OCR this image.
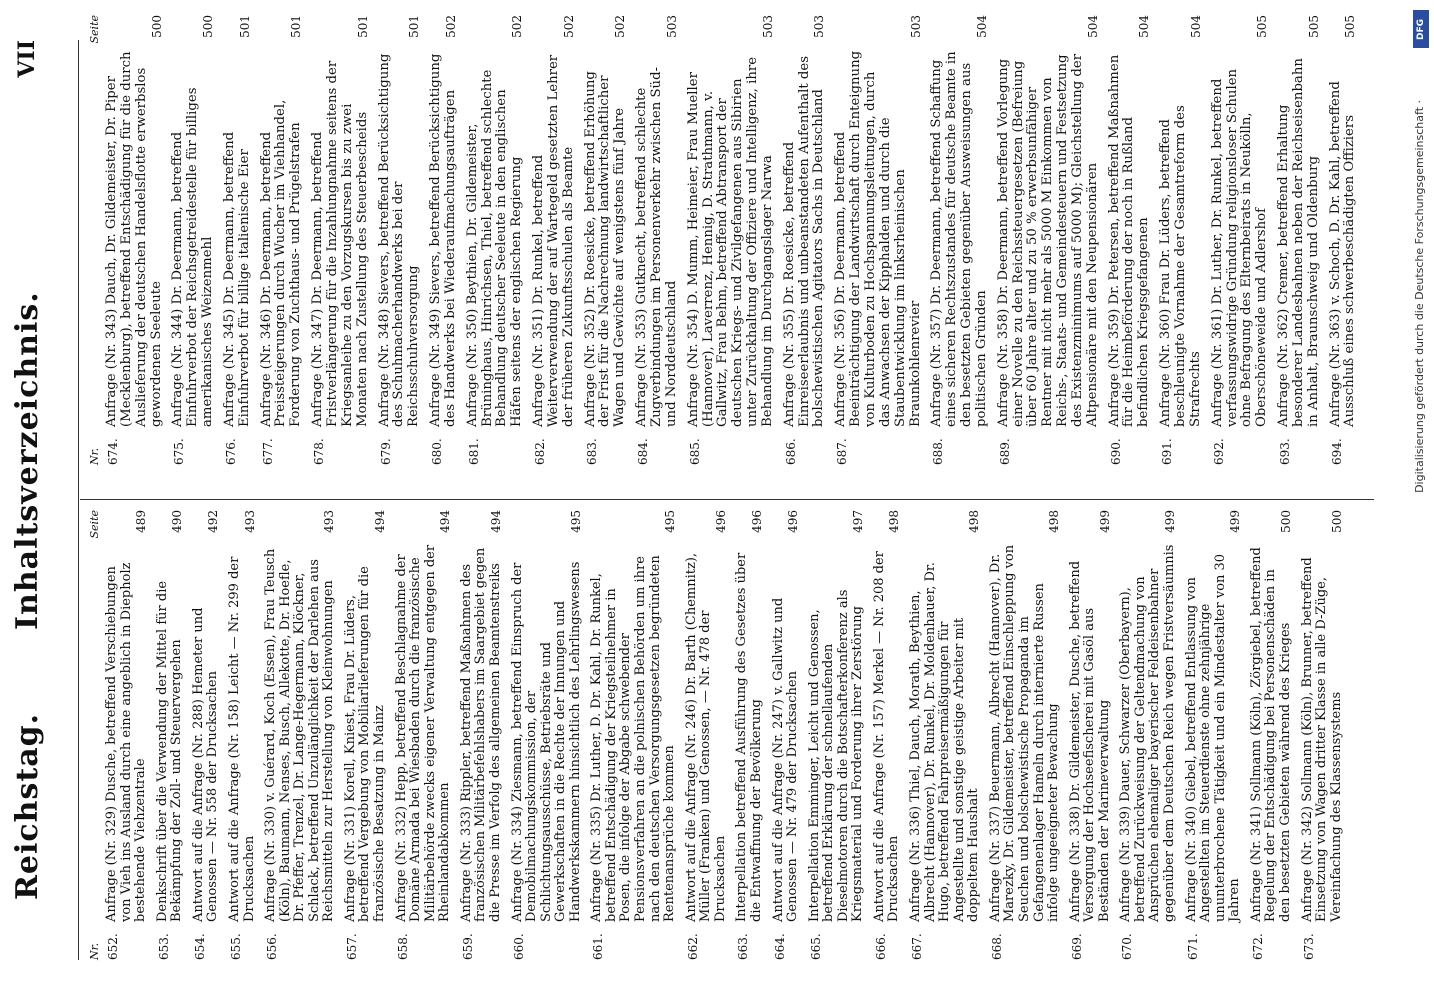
Reichstag.
Inhaltsverzeichnis.
VII
Nr.
Seite
652.
Anfrage (Nr. 329) Dusche, betreffend Verschiebungen von Vieh ins Ausland durch eine angeblich in Diepholz bestehende Viehzentrale
489
653.
Denkschrift über die Verwendung der Mittel für die Bekämpfung der Zoll- und Steuervergehen
490
654.
Antwort auf die Anfrage (Nr. 288) Hemeter und Genossen — Nr. 558 der Drucksachen
492
655.
Antwort auf die Anfrage (Nr. 158) Leicht — Nr. 299 der Drucksachen
493
656.
Anfrage (Nr. 330) v. Guérard, Koch (Essen), Frau Teusch (Köln), Baumann, Nenses, Busch, Allekotte, Dr. Hoefle, Dr. Pfeffer, Trenzel, Dr. Lange-Hegermann, Klöckner, Schlack, betreffend Unzulänglichkeit der Darlehen aus Reichsmitteln zur Herstellung von Kleinwohnungen
493
657.
Anfrage (Nr. 331) Korell, Kniest, Frau Dr. Lüders, betreffend Vergebung von Mobiliarlieferungen für die französische Besatzung in Mainz
494
658.
Anfrage (Nr. 332) Hepp, betreffend Beschlagnahme der Domäne Armada bei Wiesbaden durch die französische Militärbehörde zwecks eigener Verwaltung entgegen der Rheinlandabkommen
494
659.
Anfrage (Nr. 333) Rippler, betreffend Maßnahmen des französischen Militärbefehlshabers im Saargebiet gegen die Presse im Verfolg des allgemeinen Beamtenstreiks
494
660.
Anfrage (Nr. 334) Ziesmann, betreffend Einspruch der Demobilmachungskommission, der Schlichtungsausschüsse, Betriebsräte und Gewerkschaften in die Rechte der Innungen und Handwerkskammern hinsichtlich des Lehrlingswesens
495
661.
Anfrage (Nr. 335) Dr. Luther, D. Dr. Kahl, Dr. Runkel, betreffend Entschädigung der Kriegsteilnehmer in Posen, die infolge der Abgabe schwebender Pensionsverfahren an die polnischen Behörden um ihre nach den deutschen Versorgungsgesetzen begründeten Rentenansprüche kommen
495
662.
Antwort auf die Anfrage (Nr. 246) Dr. Barth (Chemnitz), Müller (Franken) und Genossen, — Nr. 478 der Drucksachen
496
663.
Interpellation betreffend Ausführung des Gesetzes über die Entwaffnung der Bevölkerung
496
664.
Antwort auf die Anfrage (Nr. 247) v. Gallwitz und Genossen — Nr. 479 der Drucksachen
496
665.
Interpellation Emminger, Leicht und Genossen, betreffend Erklärung der schnellaufenden Dieselmotoren durch die Botschafterkonferenz als Kriegsmaterial und Forderung ihrer Zerstörung
497
666.
Antwort auf die Anfrage (Nr. 157) Merkel — Nr. 208 der Drucksachen
498
667.
Anfrage (Nr. 336) Thiel, Dauch, Morath, Beythien, Albrecht (Hannover), Dr. Runkel, Dr. Moldenhauer, Dr. Hugo, betreffend Fahrpreisermäßigungen für Angestellte und sonstige geistige Arbeiter mit doppeltem Haushalt
498
668.
Anfrage (Nr. 337) Beuermann, Albrecht (Hannover), Dr. Marezky, Dr. Gildemeister, betreffend Einschleppung von Seuchen und bolschewistische Propaganda im Gefangenenlager Hameln durch internierte Russen infolge ungeeigneter Bewachung
498
669.
Anfrage (Nr. 338) Dr. Gildemeister, Dusche, betreffend Versorgung der Hochseefischerei mit Gasöl aus Beständen der Marineverwaltung
499
670.
Anfrage (Nr. 339) Dauer, Schwarzer (Oberbayern), betreffend Zurückweisung der Geltendmachung von Ansprüchen ehemaliger bayerischer Feldeisenbahner gegenüber dem Deutschen Reich wegen Fristversäumnis
499
671.
Anfrage (Nr. 340) Giebel, betreffend Entlassung von Angestellten im Steuerdienste ohne zehnjährige ununterbrochene Tätigkeit und ein Mindestalter von 30 Jahren
499
672.
Anfrage (Nr. 341) Sollmann (Köln), Zörgiebel, betreffend Regelung der Entschädigung bei Personenschäden in den besetzten Gebieten während des Krieges
500
673.
Anfrage (Nr. 342) Sollmann (Köln), Brunner, betreffend Einsetzung von Wagen dritter Klasse in alle D-Züge, Vereinfachung des Klassensystems
500
Nr.
Seite
674.
Anfrage (Nr. 343) Dauch, Dr. Gildemeister, Dr. Piper (Mecklenburg), betreffend Entschädigung für die durch Auslieferung der deutschen Handelsflotte erwerbslos gewordenen Seeleute
500
675.
Anfrage (Nr. 344) Dr. Deermann, betreffend Einfuhrverbot der Reichsgetreidestelle für billiges amerikanisches Weizenmehl
500
676.
Anfrage (Nr. 345) Dr. Deermann, betreffend Einfuhrverbot für billige italienische Eier
501
677.
Anfrage (Nr. 346) Dr. Deermann, betreffend Preissteigerungen durch Wucher im Viehhandel, Forderung von Zuchthaus- und Prügelstrafen
501
678.
Anfrage (Nr. 347) Dr. Deermann, betreffend Fristverlängerung für die Inzahlungnahme seitens der Kriegsanleihe zu den Vorzugskursen bis zu zwei Monaten nach Zustellung des Steuerbescheids
501
679.
Anfrage (Nr. 348) Sievers, betreffend Berücksichtigung des Schuhmacherhandwerks bei der Reichsschuhversorgung
501
680.
Anfrage (Nr. 349) Sievers, betreffend Berücksichtigung des Handwerks bei Wiederaufmachungsaufträgen
502
681.
Anfrage (Nr. 350) Beythien, Dr. Gildemeister, Brüninghaus, Hinrichsen, Thiel, betreffend schlechte Behandlung deutscher Seeleute in den englischen Häfen seitens der englischen Regierung
502
682.
Anfrage (Nr. 351) Dr. Runkel, betreffend Weiterverwendung der auf Wartegeld gesetzten Lehrer der früheren Zukunftsschulen als Beamte
502
683.
Anfrage (Nr. 352) Dr. Roesicke, betreffend Erhöhung der Frist für die Nachrechnung landwirtschaftlicher Wagen und Gewichte auf wenigstens fünf Jahre
502
684.
Anfrage (Nr. 353) Gutknecht, betreffend schlechte Zugverbindungen im Personenverkehr zwischen Süd- und Norddeutschland
503
685.
Anfrage (Nr. 354) D. Mumm, Heimeier, Frau Mueller (Hannover), Laverrenz, Hennig, D. Strathmann, v. Gallwitz, Frau Behm, betreffend Abtransport der deutschen Kriegs- und Zivilgefangenen aus Sibirien unter Zurückhaltung der Offiziere und Intelligenz, ihre Behandlung im Durchgangslager Narwa
503
686.
Anfrage (Nr. 355) Dr. Roesicke, betreffend Einreiseerlaubnis und unbeanstandeten Aufenthalt des bolschewistischen Agitators Sachs in Deutschland
503
687.
Anfrage (Nr. 356) Dr. Deermann, betreffend Beeinträchtigung der Landwirtschaft durch Enteignung von Kulturboden zu Hochspannungsleitungen, durch das Anwachsen der Kipphalden und durch die Staubentwicklung im linksrheinischen Braunkohlenrevier
503
688.
Anfrage (Nr. 357) Dr. Deermann, betreffend Schaffung eines sicheren Rechtszustandes für deutsche Beamte in den besetzten Gebieten gegenüber Ausweisungen aus politischen Gründen
504
689.
Anfrage (Nr. 358) Dr. Deermann, betreffend Vorlegung einer Novelle zu den Reichssteuergesetzen (Befreiung über 60 Jahre alter und zu 50 % erwerbsunfähiger Rentner mit nicht mehr als 5000 M Einkommen von Reichs-, Staats- und Gemeindesteuern und Festsetzung des Existenzminimums auf 5000 M); Gleichstellung der Altpensionäre mit den Neupensionären
504
690.
Anfrage (Nr. 359) Dr. Petersen, betreffend Maßnahmen für die Heimbeförderung der noch in Rußland befindlichen Kriegsgefangenen
504
691.
Anfrage (Nr. 360) Frau Dr. Lüders, betreffend beschleunigte Vornahme der Gesamtreform des Strafrechts
504
692.
Anfrage (Nr. 361) Dr. Luther, Dr. Runkel, betreffend verfassungswidrige Gründung religionsloser Schulen ohne Befragung des Elternbeirats in Neukölln, Oberschöneweide und Adlershof
505
693.
Anfrage (Nr. 362) Cremer, betreffend Erhaltung besonderer Landesbahnen neben der Reichseisenbahn in Anhalt, Braunschweig und Oldenburg
505
694.
Anfrage (Nr. 363) v. Schoch, D. Dr. Kahl, betreffend Ausschluß eines schwerbeschädigten Offiziers
505	DFG
Digitalisierung gefördert durch die Deutsche Forschungsgemeinschaft ·
